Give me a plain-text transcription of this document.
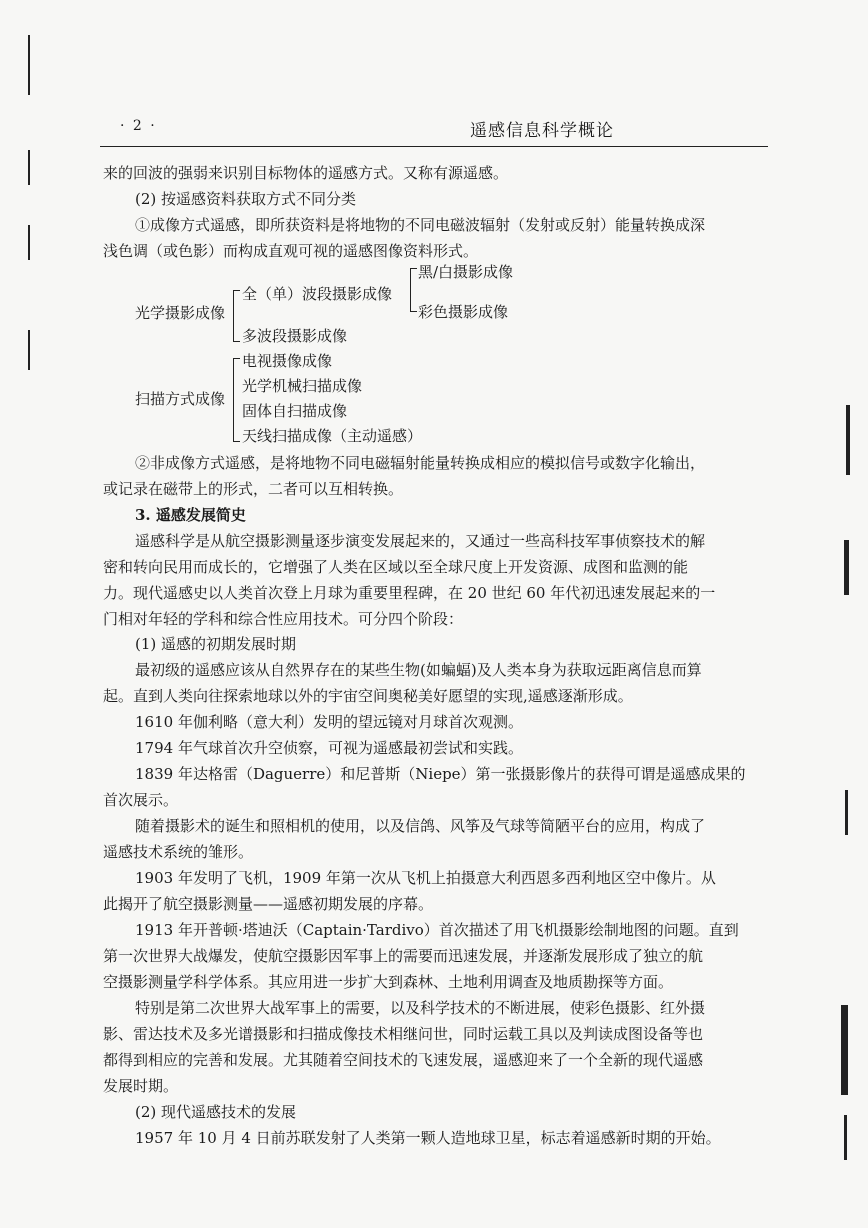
· 2 ·	遥感信息科学概论
来的回波的强弱来识别目标物体的遥感方式。又称有源遥感。
(2) 按遥感资料获取方式不同分类
①成像方式遥感，即所获资料是将地物的不同电磁波辐射（发射或反射）能量转换成深
浅色调（或色影）而构成直观可视的遥感图像资料形式。
光学摄影成像
全（单）波段摄影成像
黑/白摄影成像
彩色摄影成像
多波段摄影成像
扫描方式成像
电视摄像成像
光学机械扫描成像
固体自扫描成像
天线扫描成像（主动遥感）
②非成像方式遥感，是将地物不同电磁辐射能量转换成相应的模拟信号或数字化输出，
或记录在磁带上的形式，二者可以互相转换。
3. 遥感发展简史
遥感科学是从航空摄影测量逐步演变发展起来的，又通过一些高科技军事侦察技术的解
密和转向民用而成长的，它增强了人类在区域以至全球尺度上开发资源、成图和监测的能
力。现代遥感史以人类首次登上月球为重要里程碑，在 20 世纪 60 年代初迅速发展起来的一
门相对年轻的学科和综合性应用技术。可分四个阶段：
(1) 遥感的初期发展时期
最初级的遥感应该从自然界存在的某些生物(如蝙蝠)及人类本身为获取远距离信息而算
起。直到人类向往探索地球以外的宇宙空间奥秘美好愿望的实现,遥感逐渐形成。
1610 年伽利略（意大利）发明的望远镜对月球首次观测。
1794 年气球首次升空侦察，可视为遥感最初尝试和实践。
1839 年达格雷（Daguerre）和尼普斯（Niepe）第一张摄影像片的获得可谓是遥感成果的
首次展示。
随着摄影术的诞生和照相机的使用，以及信鸽、风筝及气球等简陋平台的应用，构成了
遥感技术系统的雏形。
1903 年发明了飞机，1909 年第一次从飞机上拍摄意大利西恩多西利地区空中像片。从
此揭开了航空摄影测量——遥感初期发展的序幕。
1913 年开普顿·塔迪沃（Captain·Tardivo）首次描述了用飞机摄影绘制地图的问题。直到
第一次世界大战爆发，使航空摄影因军事上的需要而迅速发展，并逐渐发展形成了独立的航
空摄影测量学科学体系。其应用进一步扩大到森林、土地利用调查及地质勘探等方面。
特别是第二次世界大战军事上的需要，以及科学技术的不断进展，使彩色摄影、红外摄
影、雷达技术及多光谱摄影和扫描成像技术相继问世，同时运载工具以及判读成图设备等也
都得到相应的完善和发展。尤其随着空间技术的飞速发展，遥感迎来了一个全新的现代遥感
发展时期。
(2) 现代遥感技术的发展
1957 年 10 月 4 日前苏联发射了人类第一颗人造地球卫星，标志着遥感新时期的开始。
